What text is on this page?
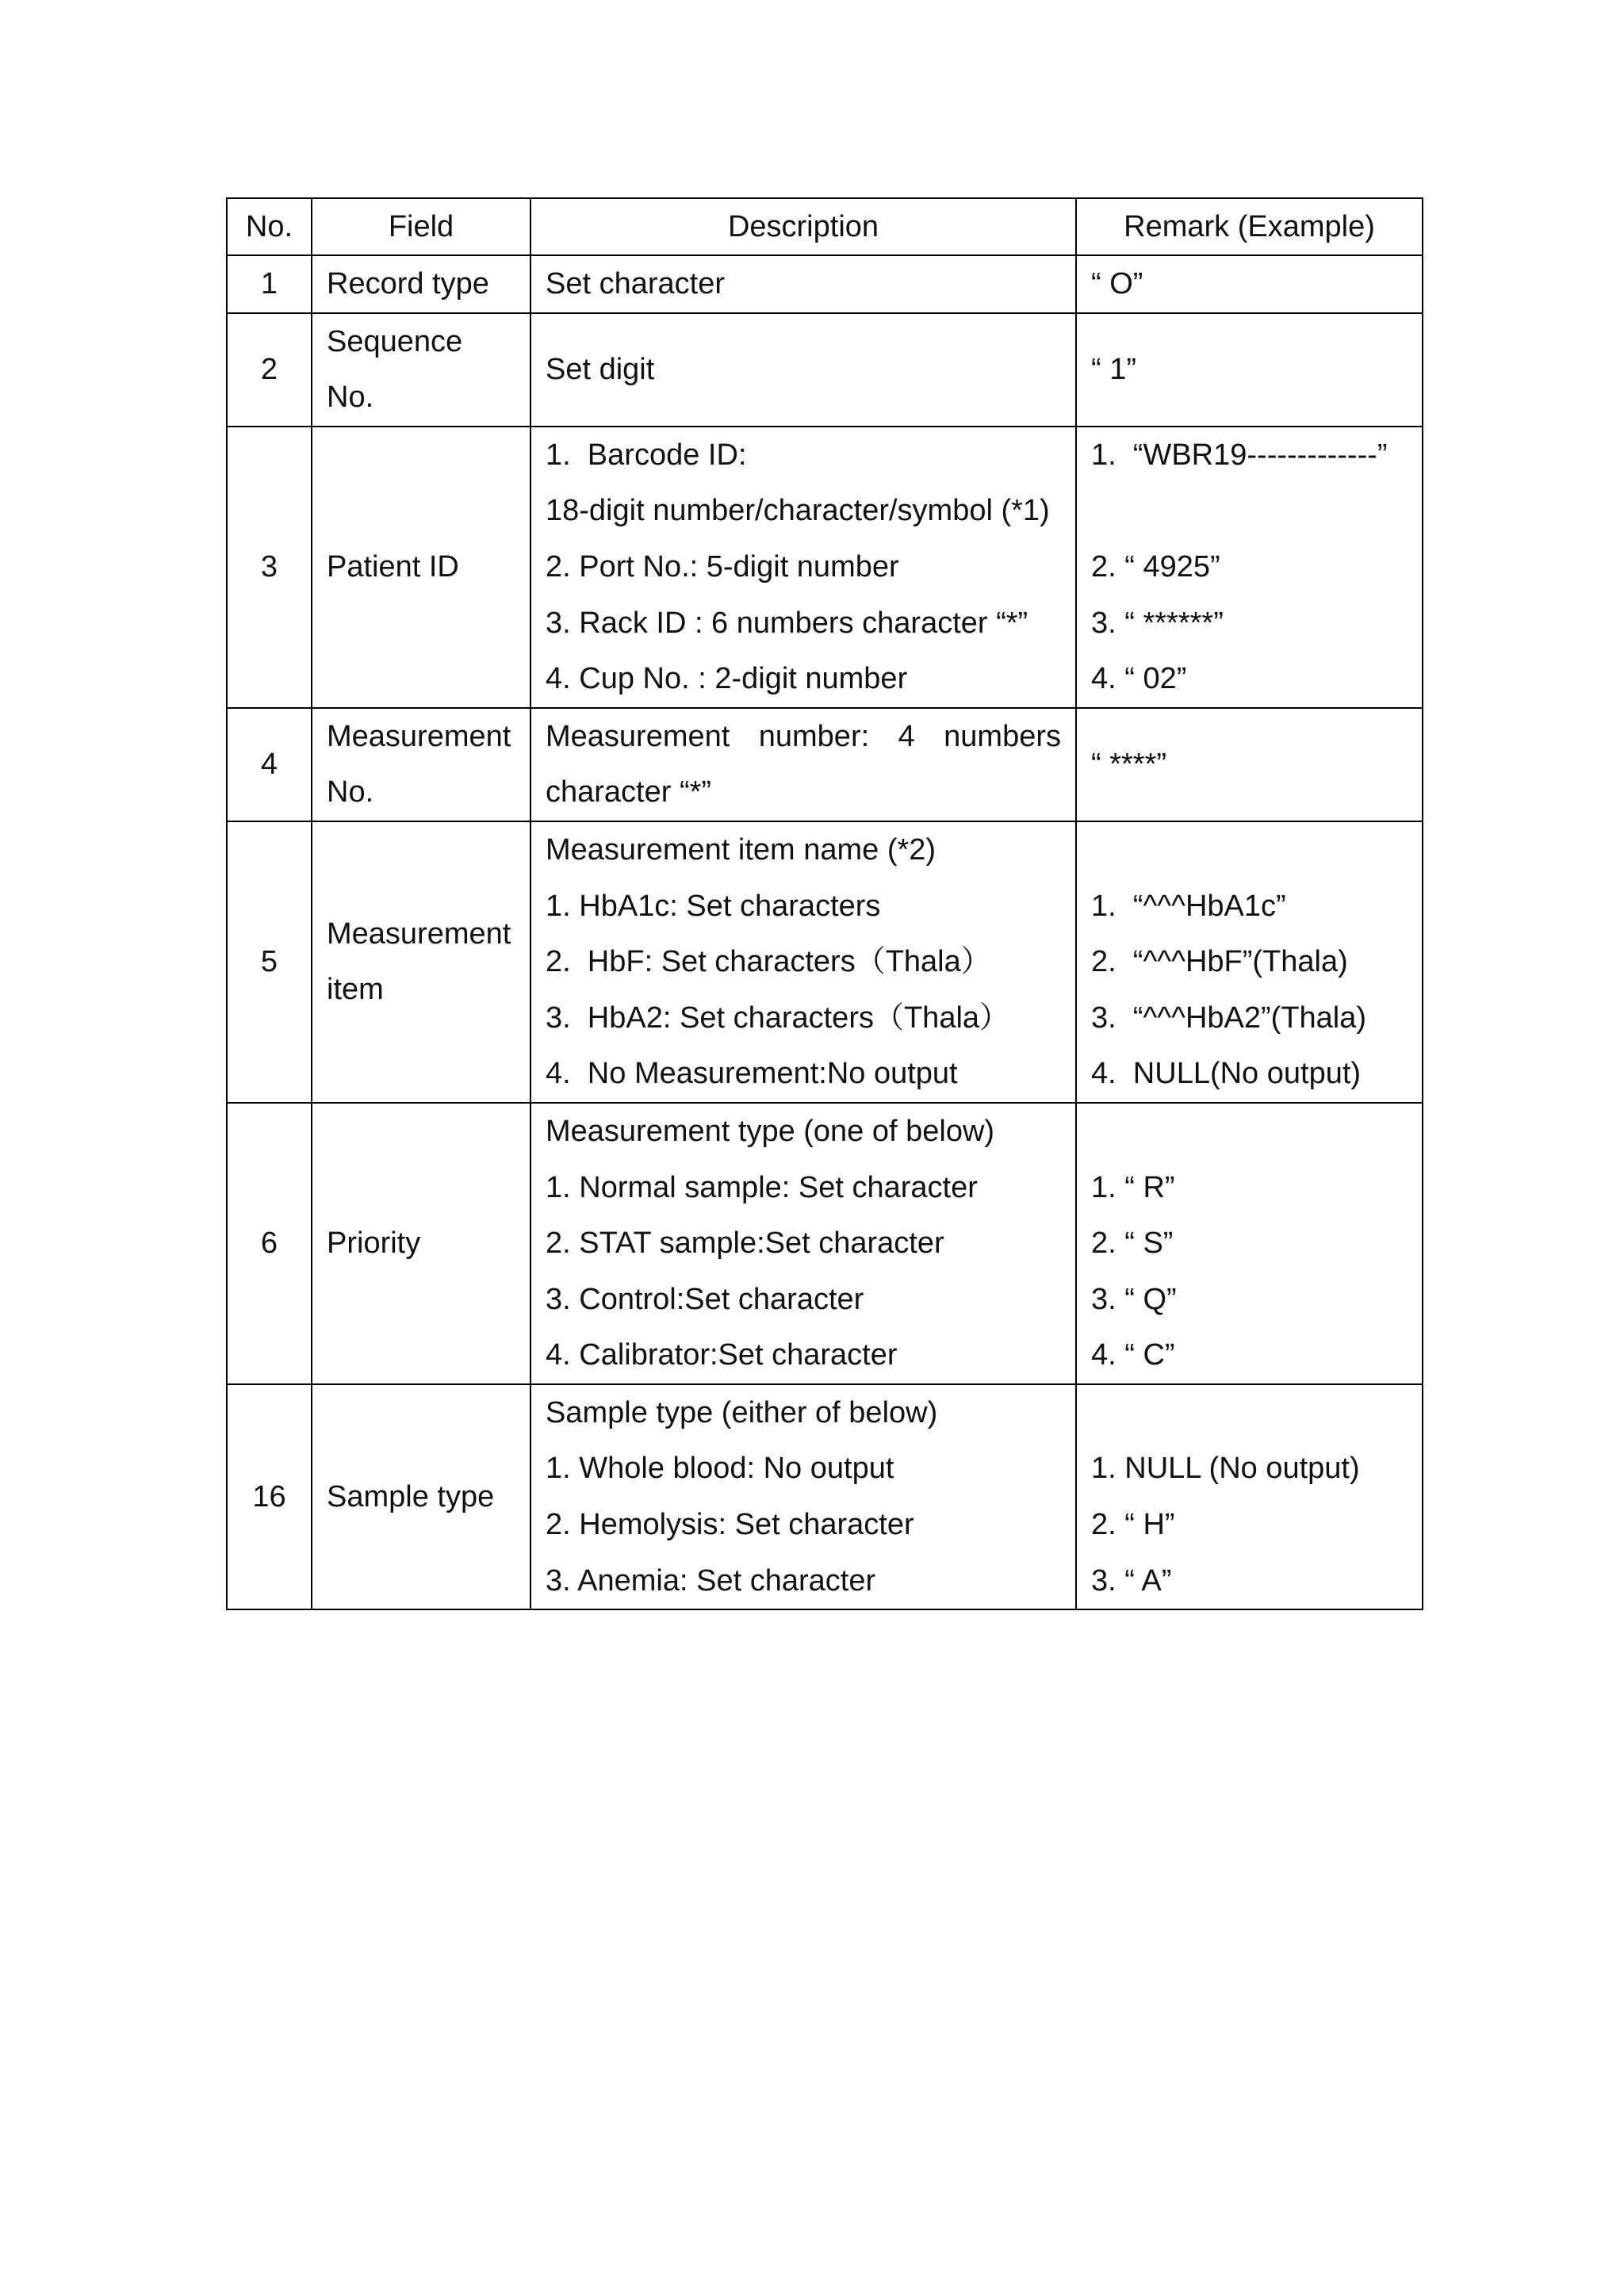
No.	Field	Description	Remark (Example)
1	Record type	Set character	“ O”

2	Sequence
No.	Set digit	“ 1”

3	Patient ID	1.  Barcode ID:
18-digit number/character/symbol (*1)
2. Port No.: 5-digit number
3. Rack ID : 6 numbers character “*”
4. Cup No. : 2-digit number	1.  “WBR19-------------”
2. “ 4925”
3. “ ******”
4. “ 02”

4	Measurement
No.	Measurement number: 4 numbers
character “*”	“ ****”

5	Measurement
item	Measurement item name (*2)
1. HbA1c: Set characters
2.  HbF: Set characters（Thala）
3.  HbA2: Set characters（Thala）
4.  No Measurement:No output	1.  “^^^HbA1c”
2.  “^^^HbF”(Thala)
3.  “^^^HbA2”(Thala)
4.  NULL(No output)

6	Priority	Measurement type (one of below)
1. Normal sample: Set character
2. STAT sample:Set character
3. Control:Set character
4. Calibrator:Set character	1. “ R”
2. “ S”
3. “ Q”
4. “ C”

16	Sample type	Sample type (either of below)
1. Whole blood: No output
2. Hemolysis: Set character
3. Anemia: Set character	1. NULL (No output)
2. “ H”
3. “ A”
